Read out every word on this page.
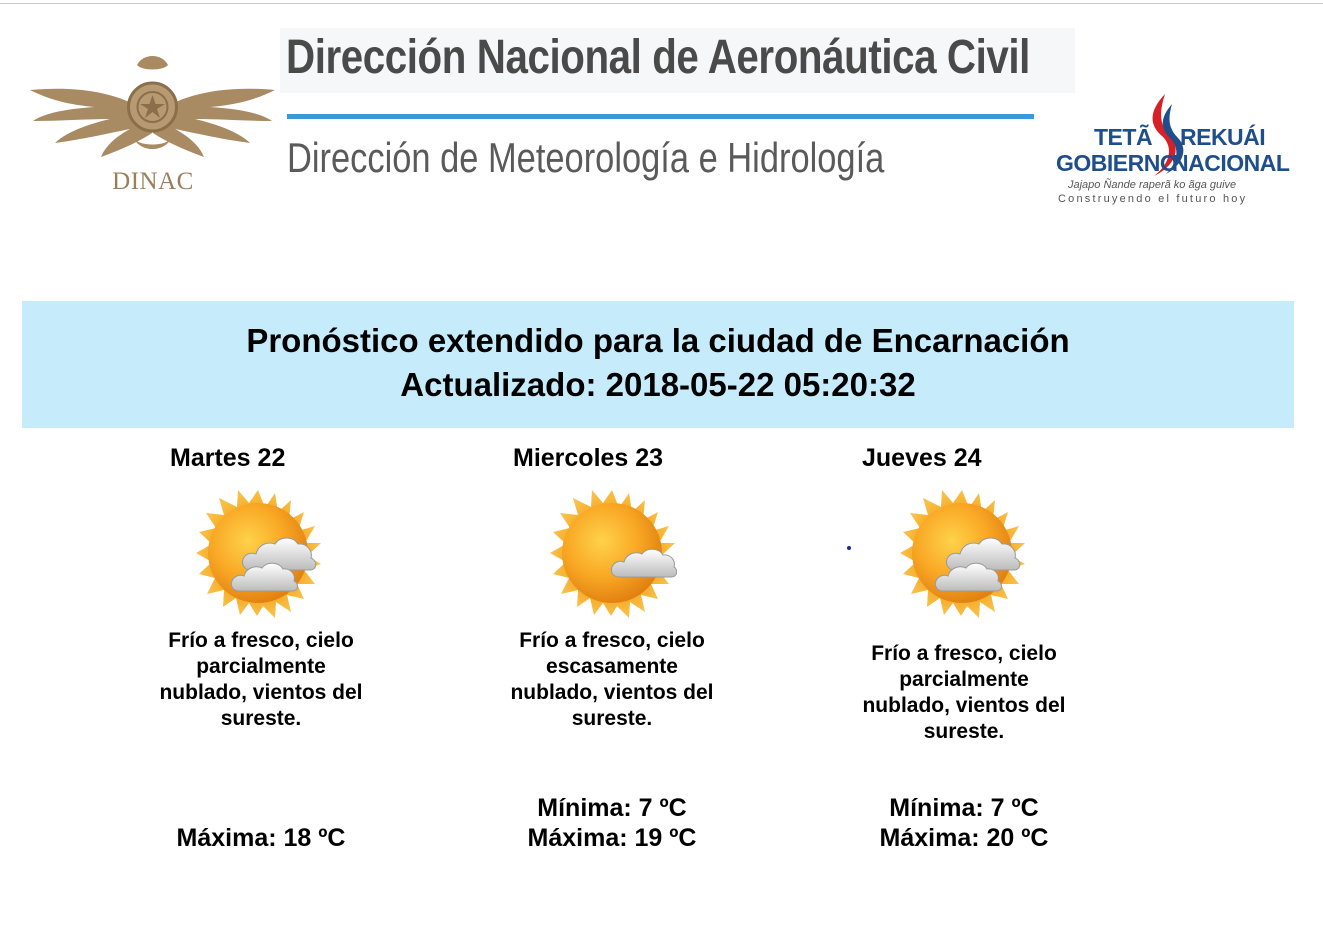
DINAC
Dirección Nacional de Aeronáutica Civil
Dirección de Meteorología e Hidrología	TETÃ REKUÁI
GOBIERNO
NACIONAL
Jajapo Ñande raperã ko ãga guive
Construyendo el futuro hoy
Pronóstico extendido para la ciudad de Encarnación
Actualizado: 2018-05-22 05:20:32
Martes 22
Frío a fresco, cielo parcialmente nublado, vientos del sureste.
Máxima: 18 ºC
Miercoles 23
Frío a fresco, cielo escasamente nublado, vientos del sureste.
Mínima: 7 ºC
Máxima: 19 ºC
Jueves 24
Frío a fresco, cielo parcialmente nublado, vientos del sureste.
Mínima: 7 ºC
Máxima: 20 ºC
